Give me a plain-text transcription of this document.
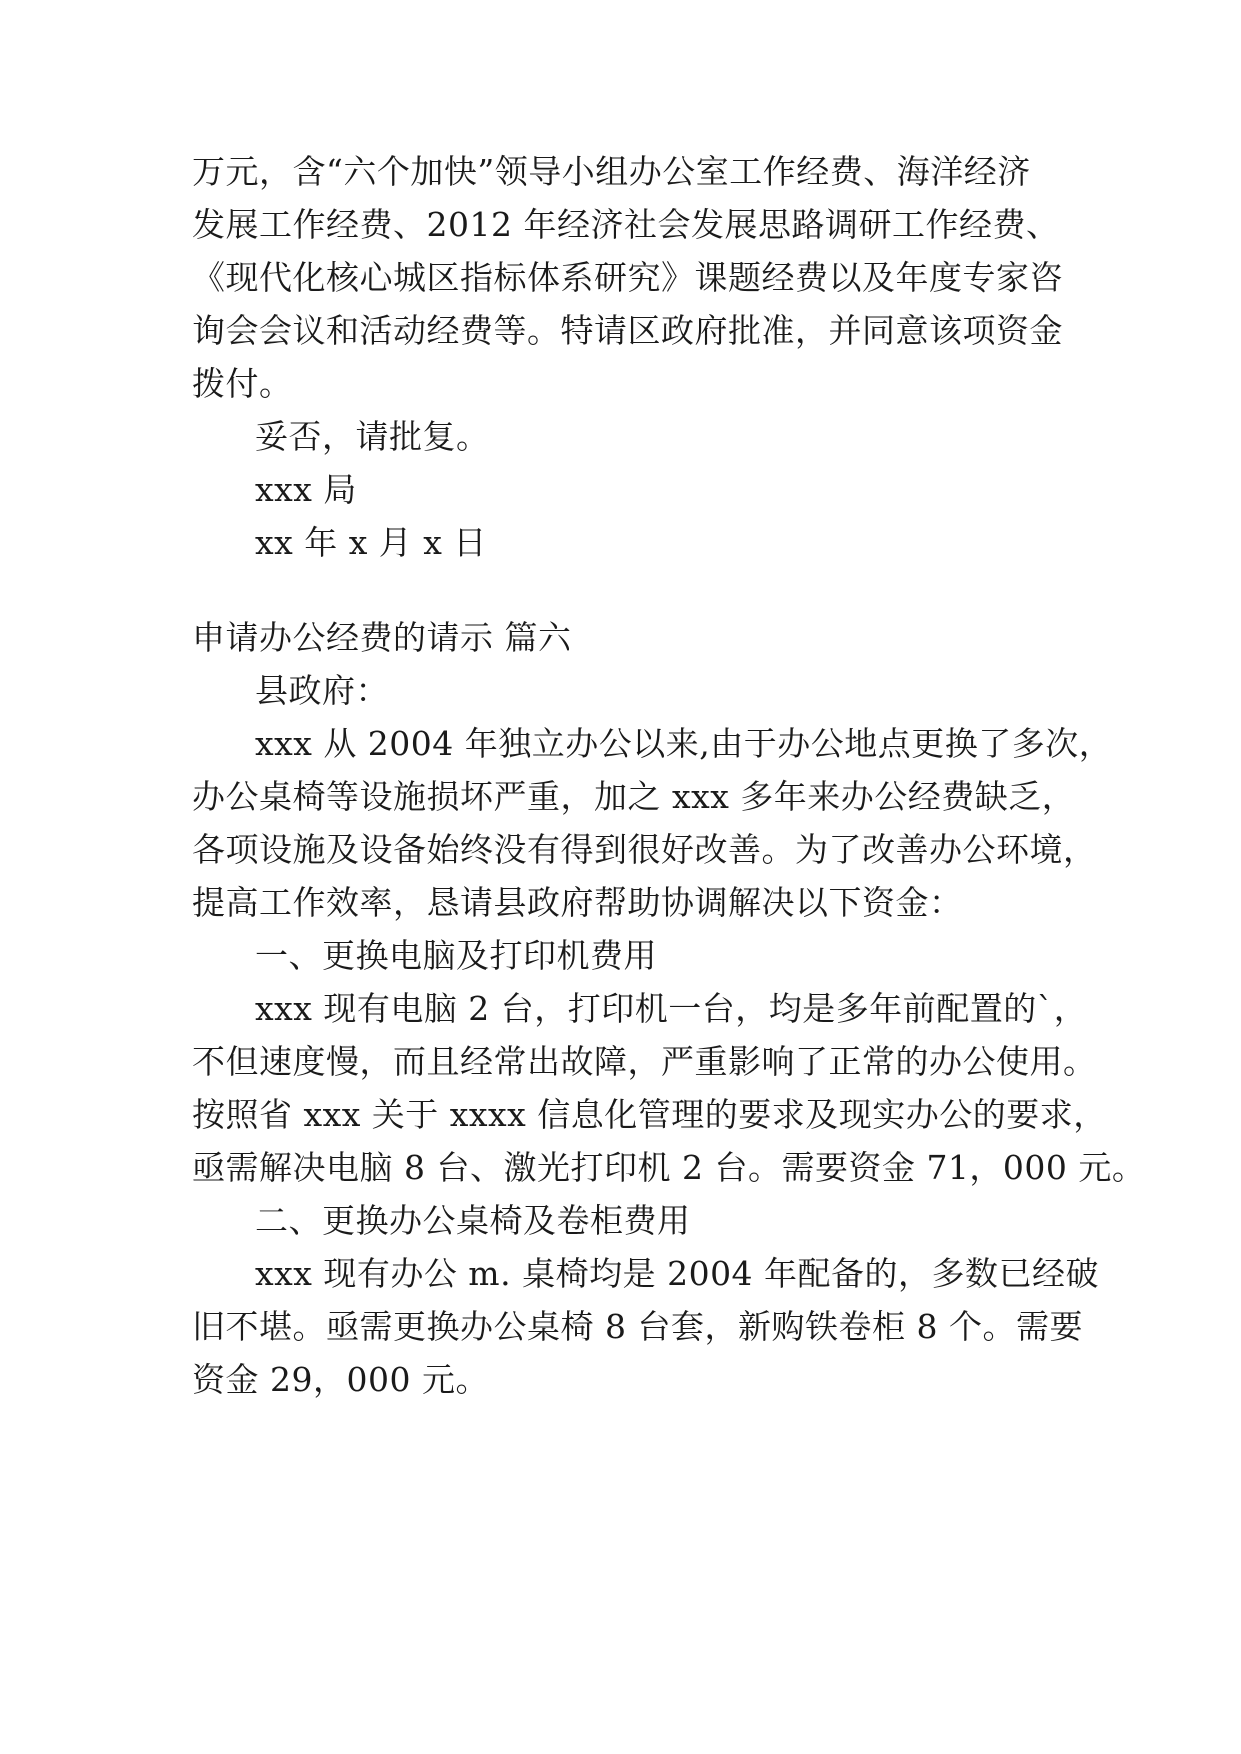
万元，含“六个加快”领导小组办公室工作经费、海洋经济
发展工作经费、2012 年经济社会发展思路调研工作经费、
《现代化核心城区指标体系研究》课题经费以及年度专家咨
询会会议和活动经费等。特请区政府批准，并同意该项资金
拨付。
妥否，请批复。
xxx 局
xx 年 x 月 x 日
申请办公经费的请示 篇六
县政府：
xxx 从 2004 年独立办公以来,由于办公地点更换了多次，
办公桌椅等设施损坏严重，加之 xxx 多年来办公经费缺乏，
各项设施及设备始终没有得到很好改善。为了改善办公环境，
提高工作效率，恳请县政府帮助协调解决以下资金：
一、更换电脑及打印机费用
xxx 现有电脑 2 台，打印机一台，均是多年前配置的`，
不但速度慢，而且经常出故障，严重影响了正常的办公使用。
按照省 xxx 关于 xxxx 信息化管理的要求及现实办公的要求，
亟需解决电脑 8 台、激光打印机 2 台。需要资金 71，000 元。
二、更换办公桌椅及卷柜费用
xxx 现有办公 m. 桌椅均是 2004 年配备的，多数已经破
旧不堪。亟需更换办公桌椅 8 台套，新购铁卷柜 8 个。需要
资金 29，000 元。
